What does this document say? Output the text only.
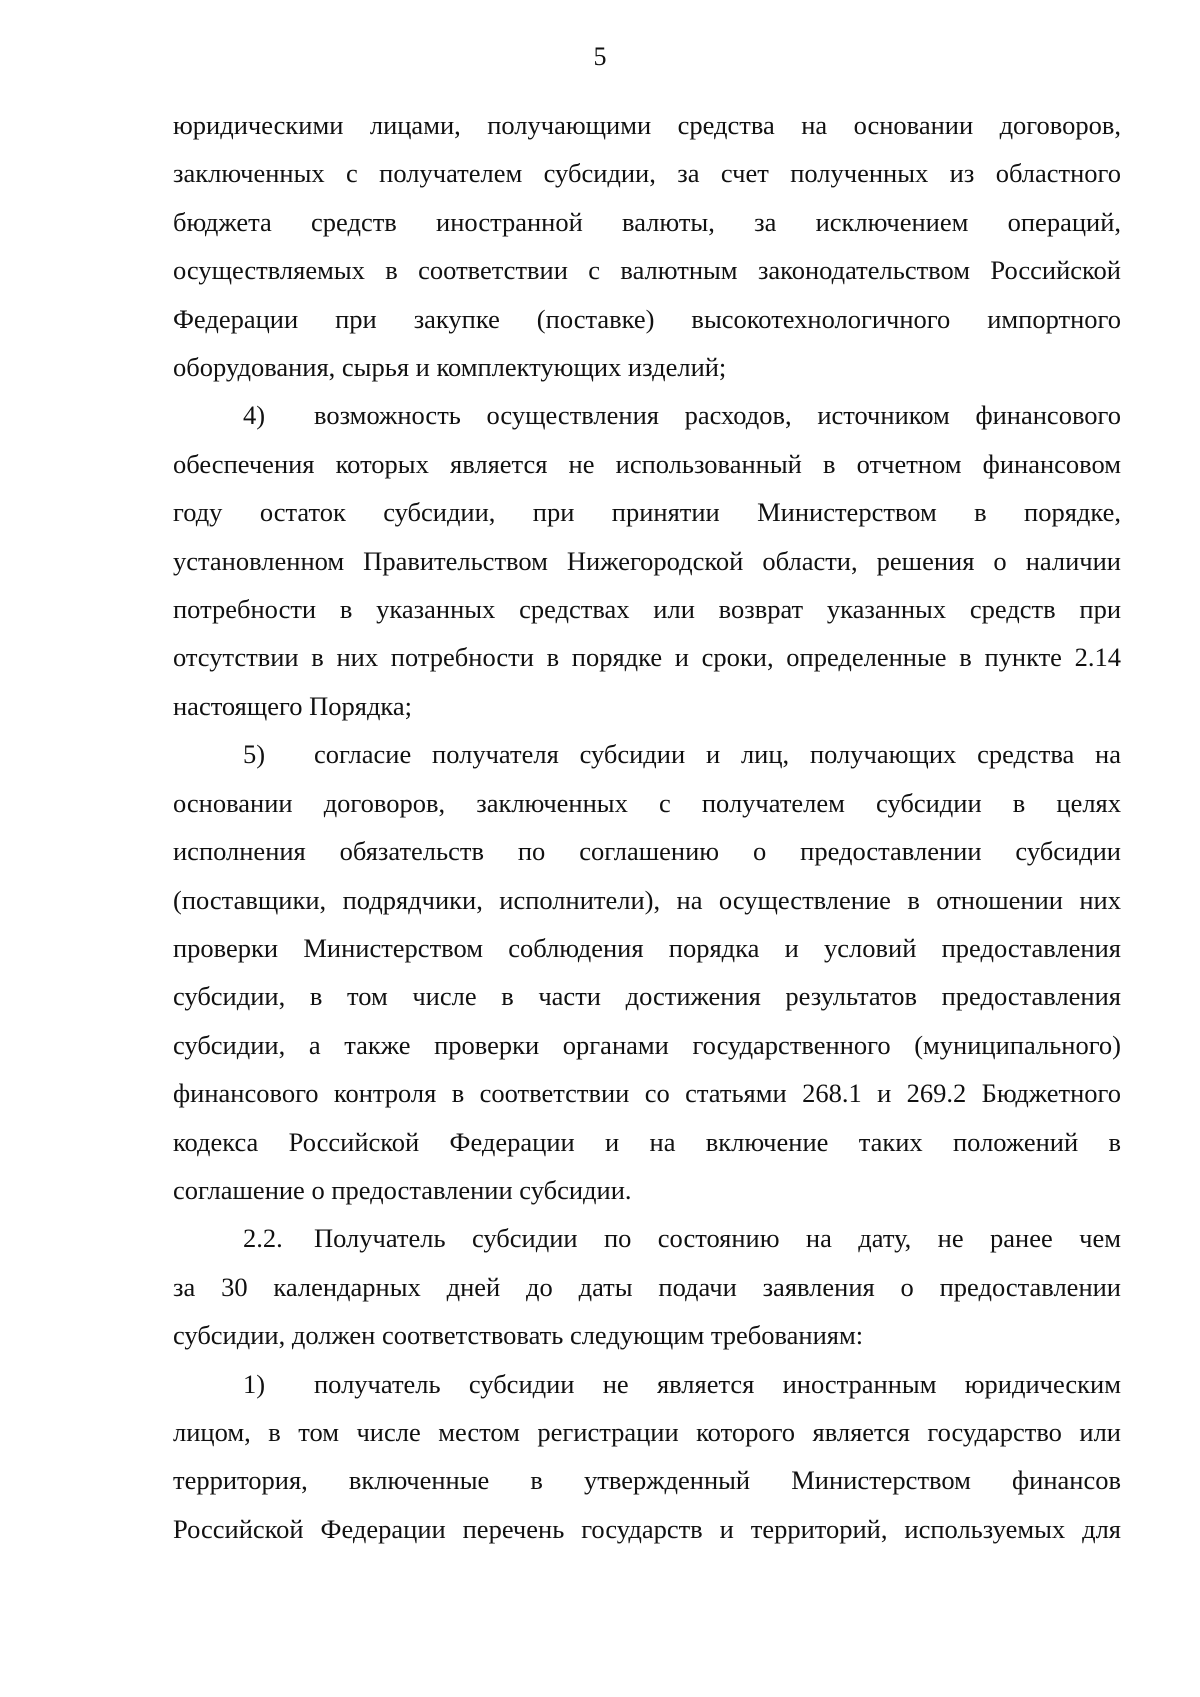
5
юридическими лицами, получающими средства на основании договоров,
заключенных с получателем субсидии, за счет полученных из областного
бюджета средств иностранной валюты, за исключением операций,
осуществляемых в соответствии с валютным законодательством Российской
Федерации при закупке (поставке) высокотехнологичного импортного
оборудования, сырья и комплектующих изделий;
4) возможность осуществления расходов, источником финансового
обеспечения которых является не использованный в отчетном финансовом
году остаток субсидии, при принятии Министерством в порядке,
установленном Правительством Нижегородской области, решения о наличии
потребности в указанных средствах или возврат указанных средств при
отсутствии в них потребности в порядке и сроки, определенные в пункте 2.14
настоящего Порядка;
5) согласие получателя субсидии и лиц, получающих средства на
основании договоров, заключенных с получателем субсидии в целях
исполнения обязательств по соглашению о предоставлении субсидии
(поставщики, подрядчики, исполнители), на осуществление в отношении них
проверки Министерством соблюдения порядка и условий предоставления
субсидии, в том числе в части достижения результатов предоставления
субсидии, а также проверки органами государственного (муниципального)
финансового контроля в соответствии со статьями 268.1 и 269.2 Бюджетного
кодекса Российской Федерации и на включение таких положений в
соглашение о предоставлении субсидии.
2.2. Получатель субсидии по состоянию на дату, не ранее чем
за 30 календарных дней до даты подачи заявления о предоставлении
субсидии, должен соответствовать следующим требованиям:
1) получатель субсидии не является иностранным юридическим
лицом, в том числе местом регистрации которого является государство или
территория, включенные в утвержденный Министерством финансов
Российской Федерации перечень государств и территорий, используемых для
